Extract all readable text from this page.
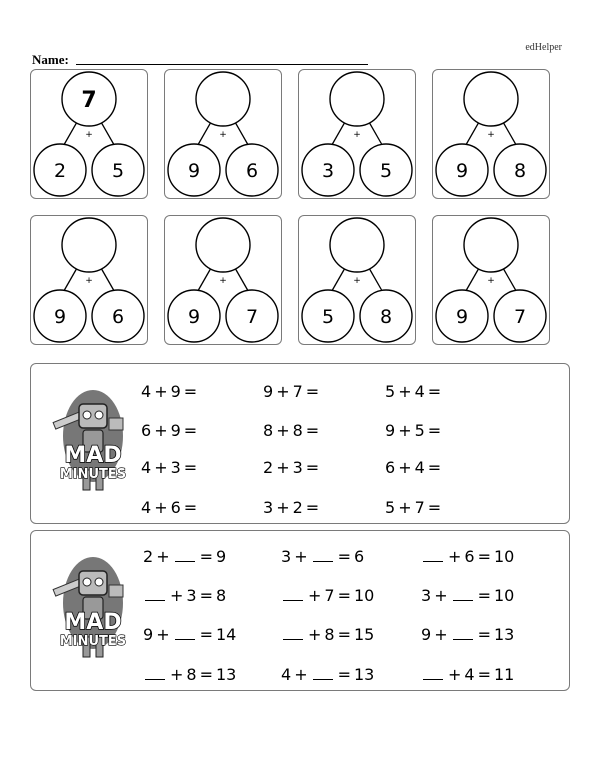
edHelper
Name:
+
7
2 5
+
9 6
+
3 5
+
9 8
+
9 6
+
9 7
+
5 8
+
9 7
MAD
MINUTES
4 + 9 =	9 + 7 =	5 + 4 =
6 + 9 =	8 + 8 =	9 + 5 =
4 + 3 =	2 + 3 =	6 + 4 =
4 + 6 =	3 + 2 =	5 + 7 =
MAD
MINUTES
2 + = 9	3 + = 6	+ 6 = 10
+ 3 = 8	+ 7 = 10	3 + = 10
9 + = 14	+ 8 = 15	9 + = 13
+ 8 = 13	4 + = 13	+ 4 = 11
